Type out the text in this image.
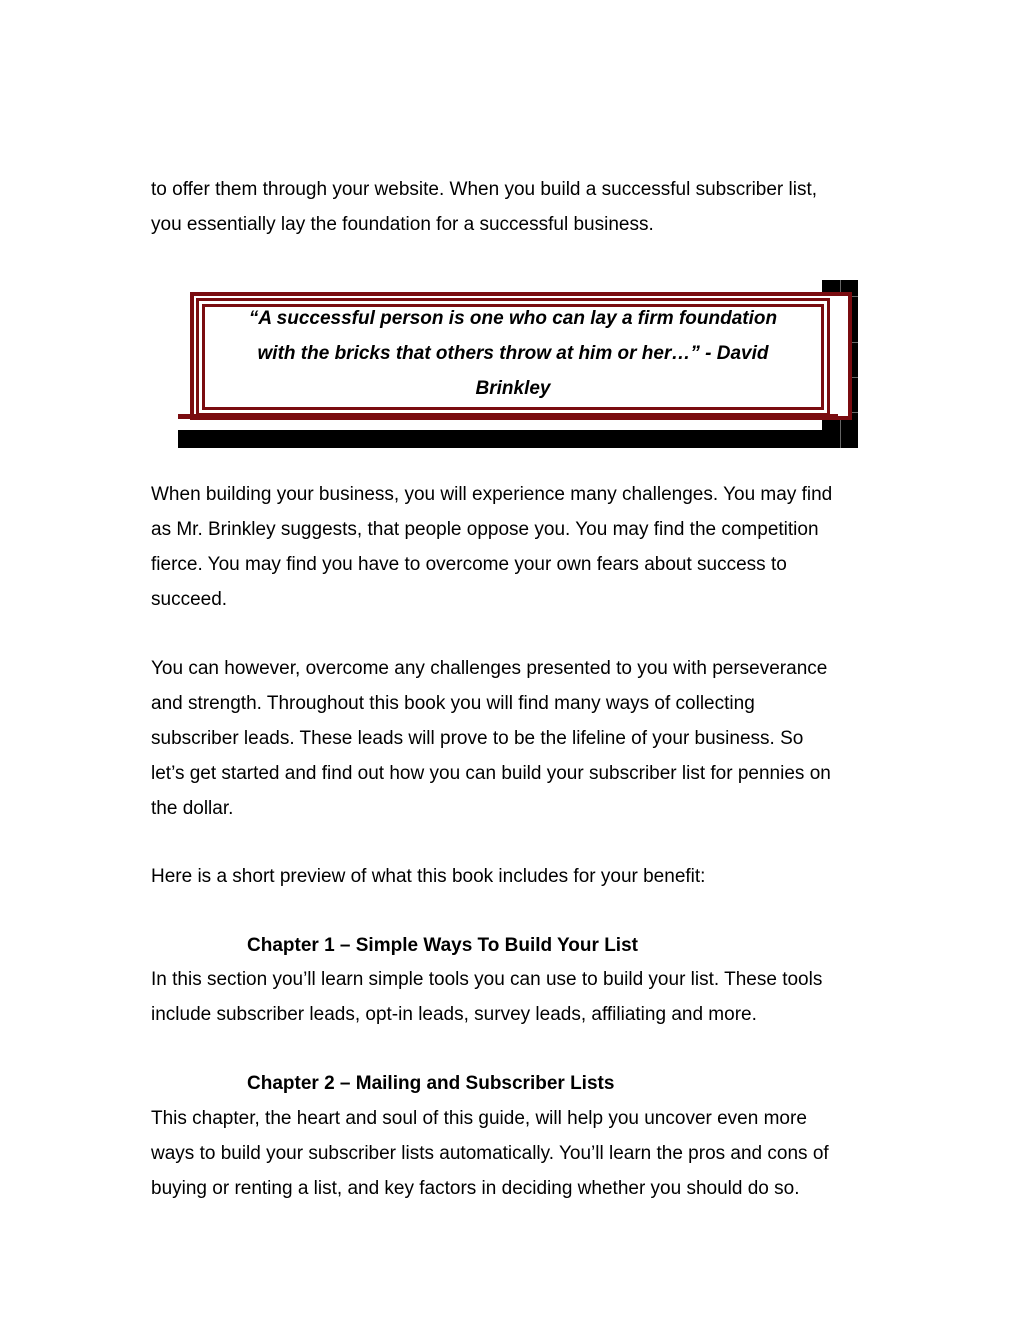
to offer them through your website. When you build a successful subscriber list,
you essentially lay the foundation for a successful business.

“A successful person is one who can lay a firm foundation
with the bricks that others throw at him or her…” - David
Brinkley

When building your business, you will experience many challenges. You may find
as Mr. Brinkley suggests, that people oppose you. You may find the competition
fierce. You may find you have to overcome your own fears about success to
succeed.

You can however, overcome any challenges presented to you with perseverance
and strength. Throughout this book you will find many ways of collecting
subscriber leads. These leads will prove to be the lifeline of your business. So
let’s get started and find out how you can build your subscriber list for pennies on
the dollar.

Here is a short preview of what this book includes for your benefit:

Chapter 1 – Simple Ways To Build Your List

In this section you’ll learn simple tools you can use to build your list. These tools
include subscriber leads, opt-in leads, survey leads, affiliating and more.

Chapter 2 – Mailing and Subscriber Lists

This chapter, the heart and soul of this guide, will help you uncover even more
ways to build your subscriber lists automatically. You’ll learn the pros and cons of
buying or renting a list, and key factors in deciding whether you should do so.
